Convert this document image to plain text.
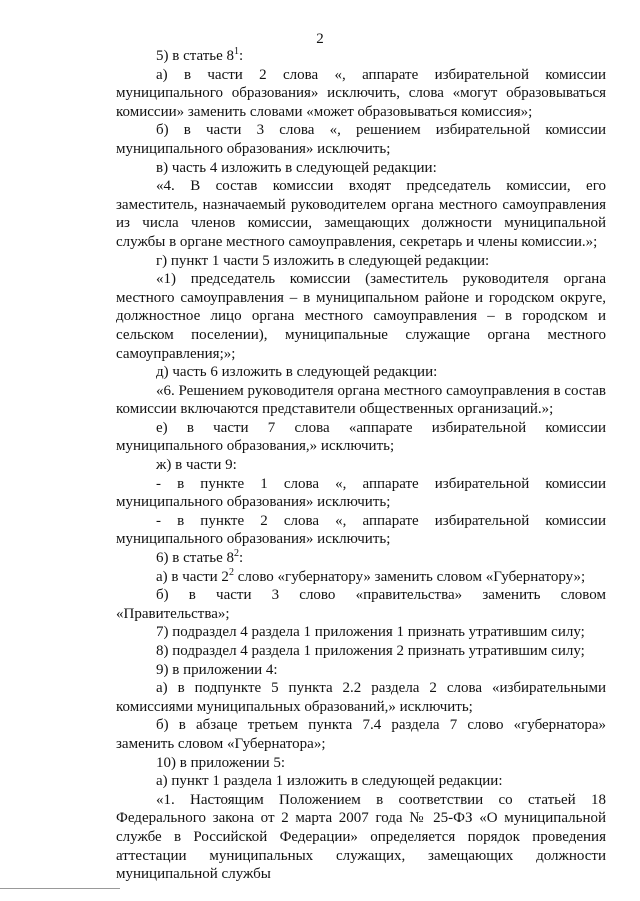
2

5) в статье $8^1$:

а) в части 2 слова «, аппарате избирательной комиссии муниципального образования» исключить, слова «могут образовываться комиссии» заменить словами «может образовываться комиссия»;

б) в части 3 слова «, решением избирательной комиссии муниципального образования» исключить;

в) часть 4 изложить в следующей редакции:

«4. В состав комиссии входят председатель комиссии, его заместитель, назначаемый руководителем органа местного самоуправления из числа членов комиссии, замещающих должности муниципальной службы в органе местного самоуправления, секретарь и члены комиссии.»;

г) пункт 1 части 5 изложить в следующей редакции:

«1) председатель комиссии (заместитель руководителя органа местного самоуправления – в муниципальном районе и городском округе, должностное лицо органа местного самоуправления – в городском и сельском поселении), муниципальные служащие органа местного самоуправления;»;

д) часть 6 изложить в следующей редакции:

«6. Решением руководителя органа местного самоуправления в состав комиссии включаются представители общественных организаций.»;

е) в части 7 слова «аппарате избирательной комиссии муниципального образования,» исключить;

ж) в части 9:

- в пункте 1 слова «, аппарате избирательной комиссии муниципального образования» исключить;

- в пункте 2 слова «, аппарате избирательной комиссии муниципального образования» исключить;

6) в статье $8^2$:

а) в части $2^2$ слово «губернатору» заменить словом «Губернатору»;

б) в части 3 слово «правительства» заменить словом «Правительства»;

7) подраздел 4 раздела 1 приложения 1 признать утратившим силу;

8) подраздел 4 раздела 1 приложения 2 признать утратившим силу;

9) в приложении 4:

а) в подпункте 5 пункта 2.2 раздела 2 слова «избирательными комиссиями муниципальных образований,» исключить;

б) в абзаце третьем пункта 7.4 раздела 7 слово «губернатора» заменить словом «Губернатора»;

10) в приложении 5:

а) пункт 1 раздела 1 изложить в следующей редакции:

«1. Настоящим Положением в соответствии со статьей 18 Федерального закона от 2 марта 2007 года № 25-ФЗ «О муниципальной службе в Российской Федерации» определяется порядок проведения аттестации муниципальных служащих, замещающих должности муниципальной службы
